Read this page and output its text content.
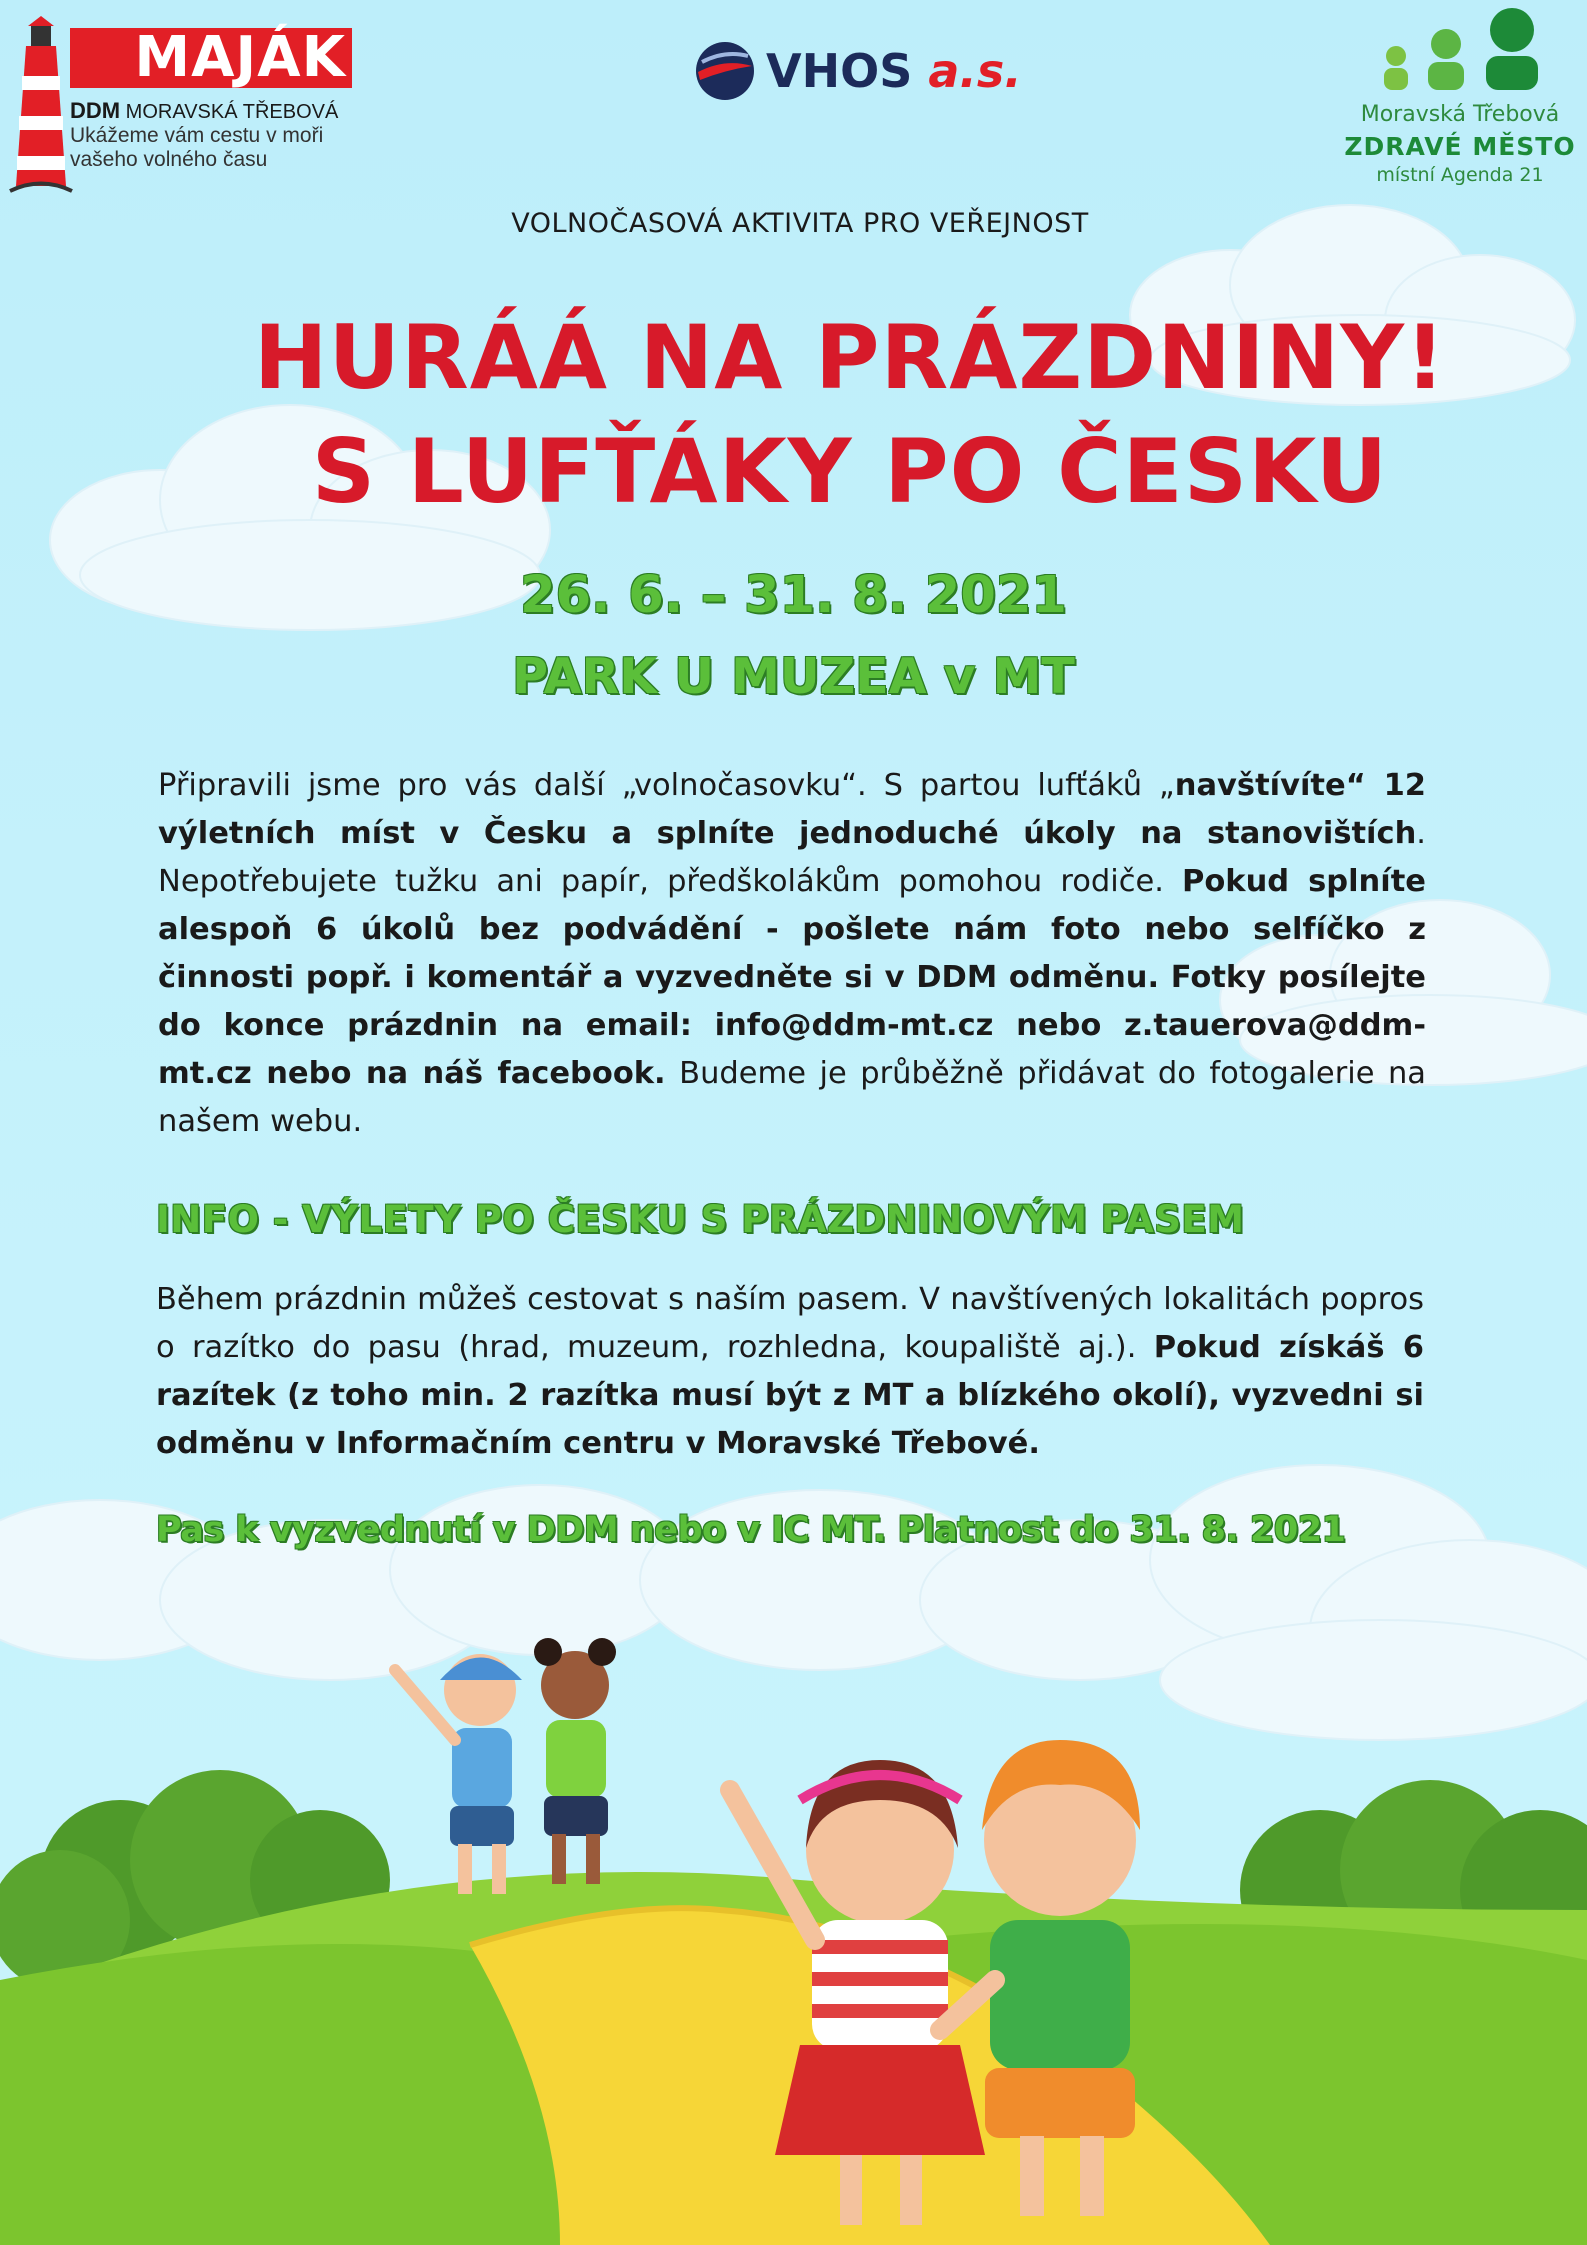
MAJÁK
DDM MORAVSKÁ TŘEBOVÁ
Ukážeme vám cestu v moři vašeho volného času
VHOS a.s.
Moravská Třebová
ZDRAVÉ MĚSTO
místní Agenda 21
VOLNOČASOVÁ AKTIVITA PRO VEŘEJNOST
HURÁÁ NA PRÁZDNINY!
S LUFŤÁKY PO ČESKU
26. 6. – 31. 8. 2021
PARK U MUZEA v MT
Připravili jsme pro vás další „volnočasovku“. S partou lufťáků „navštívíte“ 12 výletních míst v Česku a splníte jednoduché úkoly na stanovištích. Nepotřebujete tužku ani papír, předškolákům pomohou rodiče. Pokud splníte alespoň 6 úkolů bez podvádění - pošlete nám foto nebo selfíčko z činnosti popř. i komentář a vyzvedněte si v DDM odměnu. Fotky posílejte do konce prázdnin na email: info@ddm-mt.cz nebo z.tauerova@ddm-mt.cz nebo na náš facebook. Budeme je průběžně přidávat do fotogalerie na našem webu.
INFO - VÝLETY PO ČESKU S PRÁZDNINOVÝM PASEM
Během prázdnin můžeš cestovat s naším pasem. V navštívených lokalitách popros o razítko do pasu (hrad, muzeum, rozhledna, koupaliště aj.). Pokud získáš 6 razítek (z toho min. 2 razítka musí být z MT a blízkého okolí), vyzvedni si odměnu v Informačním centru v Moravské Třebové.
Pas k vyzvednutí v DDM nebo v IC MT. Platnost do 31. 8. 2021
